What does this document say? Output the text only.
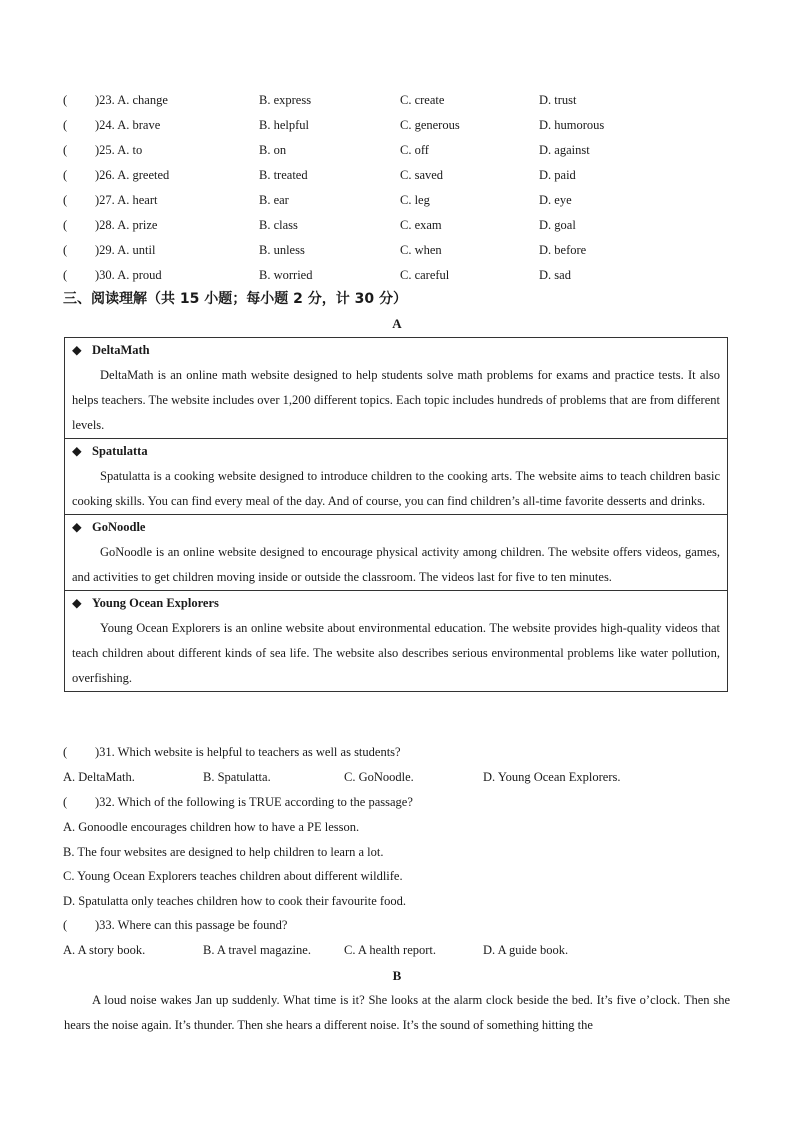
( )23. A. change	B. express	C. create	D. trust
( )24. A. brave	B. helpful	C. generous	D. humorous
( )25. A. to	B. on	C. off	D. against
( )26. A. greeted	B. treated	C. saved	D. paid
( )27. A. heart	B. ear	C. leg	D. eye
( )28. A. prize	B. class	C. exam	D. goal
( )29. A. until	B. unless	C. when	D. before
( )30. A. proud	B. worried	C. careful	D. sad
三、阅读理解（共 15 小题；每小题 2 分，计 30 分）
A
◆ DeltaMath
DeltaMath is an online math website designed to help students solve math problems for exams and practice tests. It also helps teachers. The website includes over 1,200 different topics. Each topic includes hundreds of problems that are from different levels.
◆ Spatulatta
Spatulatta is a cooking website designed to introduce children to the cooking arts. The website aims to teach children basic cooking skills. You can find every meal of the day. And of course, you can find children’s all-time favorite desserts and drinks.
◆ GoNoodle
GoNoodle is an online website designed to encourage physical activity among children. The website offers videos, games, and activities to get children moving inside or outside the classroom. The videos last for five to ten minutes.
◆ Young Ocean Explorers
Young Ocean Explorers is an online website about environmental education. The website provides high-quality videos that teach children about different kinds of sea life. The website also describes serious environmental problems like water pollution, overfishing.
( )31. Which website is helpful to teachers as well as students?
A. DeltaMath.	B. Spatulatta.	C. GoNoodle.	D. Young Ocean Explorers.
( )32. Which of the following is TRUE according to the passage?
A. Gonoodle encourages children how to have a PE lesson.
B. The four websites are designed to help children to learn a lot.
C. Young Ocean Explorers teaches children about different wildlife.
D. Spatulatta only teaches children how to cook their favourite food.
( )33. Where can this passage be found?
A. A story book.	B. A travel magazine.	C. A health report.	D. A guide book.
B
A loud noise wakes Jan up suddenly. What time is it? She looks at the alarm clock beside the bed. It’s five o’clock. Then she hears the noise again. It’s thunder. Then she hears a different noise. It’s the sound of something hitting the
